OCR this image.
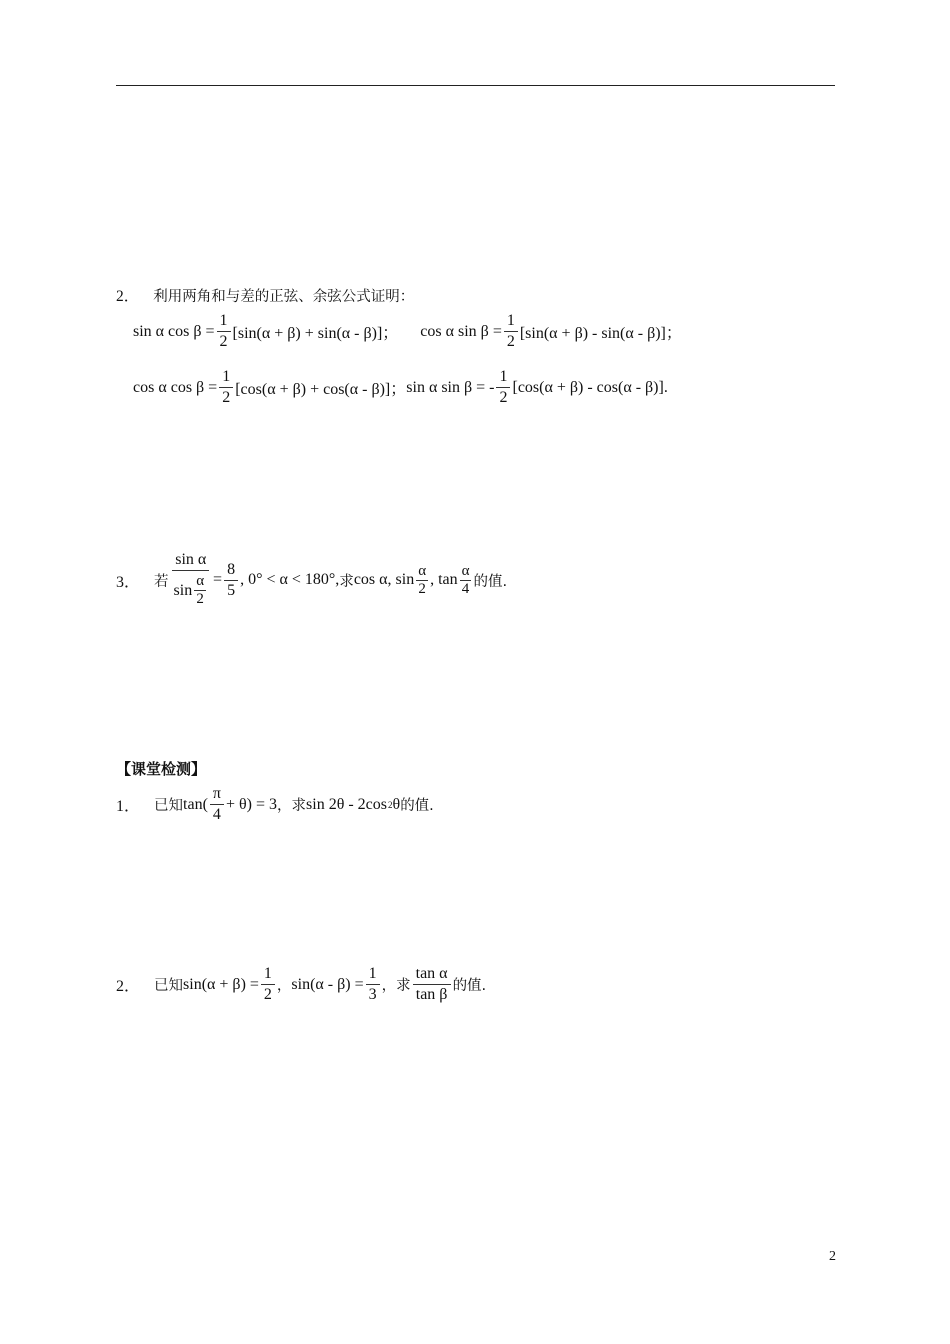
2． 利用两角和与差的正弦、余弦公式证明：
sin α $\cos \beta = \frac{1}{2} [\sin(\alpha + \beta) + \sin(\alpha - \beta)]$； cos α $\sin \beta = \frac{1}{2} [\sin(\alpha + \beta) - \sin(\alpha - \beta)]$；
cos α $\cos \beta = \frac{1}{2} [\cos(\alpha + \beta) + \cos(\alpha - \beta)]$； sin α sin β = - $\frac{1}{2} [\cos(\alpha + \beta) - \cos(\alpha - \beta)]$.
3． 若 $\frac{\text{sin α}}{\sin \frac{\alpha}{2}} = \frac{8}{5}$ , 0° < α < 180°, 求 cos α, $\sin \frac{\alpha}{2}$ , $\tan \frac{\alpha}{4}$ 的值.
【课堂检测】
1． 已知 $\tan( \frac{\pi}{4} + \theta) = 3$ ，求 sin 2θ - 2cos 2 θ 的值.
2． 已知 $\sin(\alpha + \beta) = \frac{1}{2}$ ， $\sin(\alpha - \beta) = \frac{1}{3}$ ，求 $\frac{\text{tan α}}{\text{tan β}}$ 的值.
2
